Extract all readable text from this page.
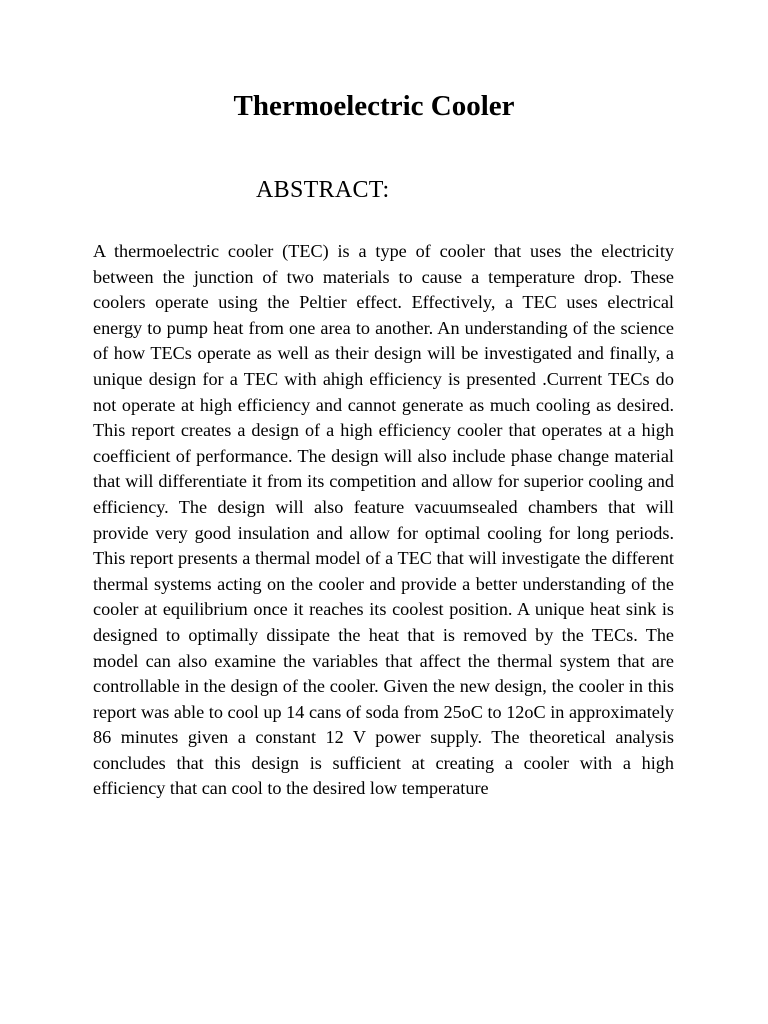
Thermoelectric Cooler
ABSTRACT:

A thermoelectric cooler (TEC) is a type of cooler that uses the electricity between the junction of two materials to cause a temperature drop. These coolers operate using the Peltier effect. Effectively, a TEC uses electrical energy to pump heat from one area to another. An understanding of the science of how TECs operate as well as their design will be investigated and finally, a unique design for a TEC with ahigh efficiency is presented .Current TECs do not operate at high efficiency and cannot generate as much cooling as desired. This report creates a design of a high efficiency cooler that operates at a high coefficient of performance. The design will also include phase change material that will differentiate it from its competition and allow for superior cooling and efficiency. The design will also feature vacuumsealed chambers that will provide very good insulation and allow for optimal cooling for long periods. This report presents a thermal model of a TEC that will investigate the different thermal systems acting on the cooler and provide a better understanding of the cooler at equilibrium once it reaches its coolest position. A unique heat sink is designed to optimally dissipate the heat that is removed by the TECs. The model can also examine the variables that affect the thermal system that are controllable in the design of the cooler. Given the new design, the cooler in this report was able to cool up 14 cans of soda from 25oC to 12oC in approximately 86 minutes given a constant 12 V power supply. The theoretical analysis concludes that this design is sufficient at creating a cooler with a high efficiency that can cool to the desired low temperature
